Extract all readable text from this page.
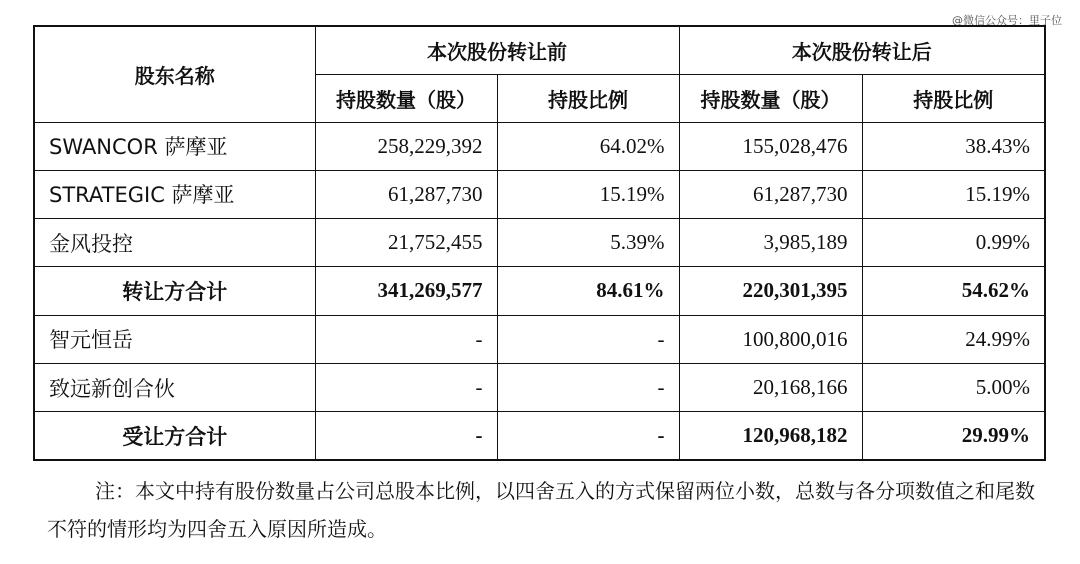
@微信公众号：里子位
股东名称	本次股份转让前		本次股份转让后	
	持股数量（股）	持股比例	持股数量（股）	持股比例
SWANCOR 萨摩亚	258,229,392	64.02%	155,028,476	38.43%
STRATEGIC 萨摩亚	61,287,730	15.19%	61,287,730	15.19%
金风投控	21,752,455	5.39%	3,985,189	0.99%
转让方合计	341,269,577	84.61%	220,301,395	54.62%
智元恒岳	-	-	100,800,016	24.99%
致远新创合伙	-	-	20,168,166	5.00%
受让方合计	-	-	120,968,182	29.99%

注：本文中持有股份数量占公司总股本比例，以四舍五入的方式保留两位小数，总数与各分项数值之和尾数不符的情形均为四舍五入原因所造成。
